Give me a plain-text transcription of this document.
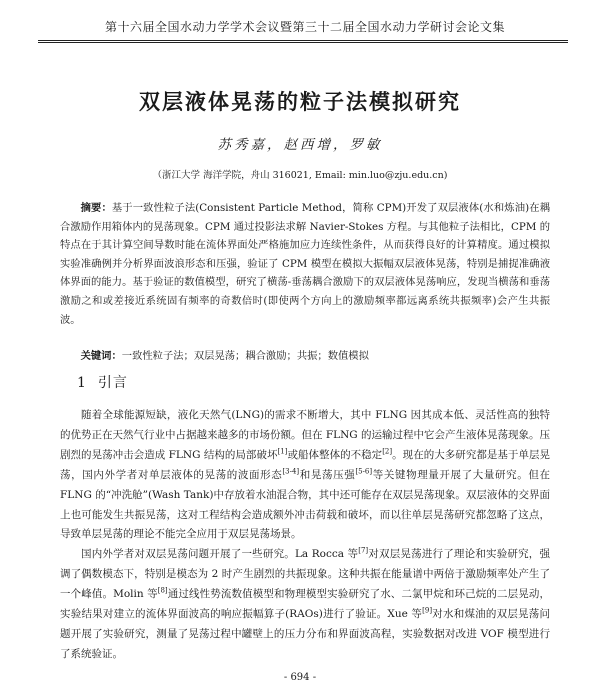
第十六届全国水动力学学术会议暨第三十二届全国水动力学研讨会论文集
双层液体晃荡的粒子法模拟研究
苏秀嘉，赵西增，罗敏
（浙江大学 海洋学院，舟山 316021, Email: min.luo@zju.edu.cn)
摘要：基于一致性粒子法(Consistent Particle Method，简称 CPM)开发了双层液体(水和炼油)在耦合激励作用箱体内的晃荡现象。CPM 通过投影法求解 Navier-Stokes 方程。与其他粒子法相比，CPM 的特点在于其计算空间导数时能在流体界面处严格施加应力连续性条件，从而获得良好的计算精度。通过模拟实验准确例并分析界面波浪形态和压强，验证了 CPM 模型在模拟大振幅双层液体晃荡，特别是捕捉准确液体界面的能力。基于验证的数值模型，研究了横荡-垂荡耦合激励下的双层液体晃荡响应，发现当横荡和垂荡激励之和或差接近系统固有频率的奇数倍时(即使两个方向上的激励频率都远离系统共振频率)会产生共振波。
关键词：一致性粒子法；双层晃荡；耦合激励；共振；数值模拟
1 引言

随着全球能源短缺，液化天然气(LNG)的需求不断增大，其中 FLNG 因其成本低、灵活性高的独特的优势正在天然气行业中占据越来越多的市场份额。但在 FLNG 的运输过程中它会产生液体晃荡现象。压剧烈的晃荡冲击会造成 FLNG 结构的局部破坏[1]或船体整体的不稳定[2]。现在的大多研究都是基于单层晃荡，国内外学者对单层液体的晃荡的波面形态[3-4]和晃荡压强[5-6]等关键物理量开展了大量研究。但在 FLNG 的“冲洗舱”(Wash Tank)中存放着水油混合物，其中还可能存在双层晃荡现象。双层液体的交界面上也可能发生共振晃荡，这对工程结构会造成额外冲击荷载和破坏，而以往单层晃荡研究都忽略了这点，导致单层晃荡的理论不能完全应用于双层晃荡场景。

国内外学者对双层晃荡问题开展了一些研究。La Rocca 等[7]对双层晃荡进行了理论和实验研究，强调了偶数模态下，特别是模态为 2 时产生剧烈的共振现象。这种共振在能量谱中两倍于激励频率处产生了一个峰值。Molin 等[8]通过线性势流数值模型和物理模型实验研究了水、二氯甲烷和环己烷的二层晃动，实验结果对建立的流体界面波高的响应振幅算子(RAOs)进行了验证。Xue 等[9]对水和煤油的双层晃荡问题开展了实验研究，测量了晃荡过程中罐壁上的压力分布和界面波高程，实验数据对改进 VOF 模型进行了系统验证。

- 694 -
